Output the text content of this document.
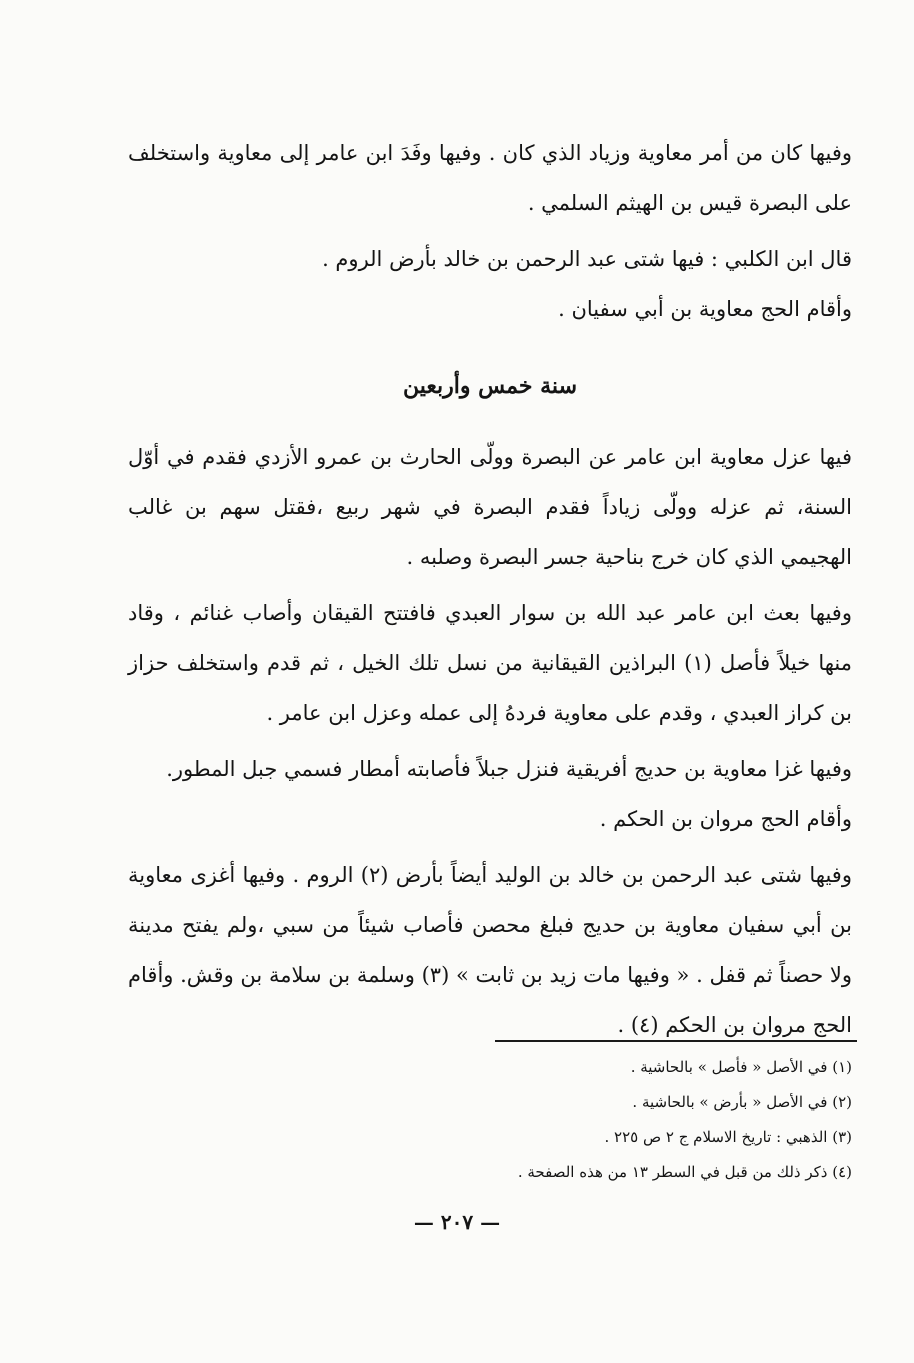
وفيها كان من أمر معاوية وزياد الذي كان . وفيها وفَدَ ابن عامر إلى معاوية واستخلف على البصرة قيس بن الهيثم السلمي .

قال ابن الكلبي : فيها شتى عبد الرحمن بن خالد بأرض الروم .

وأقام الحج معاوية بن أبي سفيان .

سنة خمس وأربعين

فيها عزل معاوية ابن عامر عن البصرة وولّى الحارث بن عمرو الأزدي فقدم في أوّل السنة، ثم عزله وولّى زياداً فقدم البصرة في شهر ربيع ،فقتل سهم بن غالب الهجيمي الذي كان خرج بناحية جسر البصرة وصلبه .

وفيها بعث ابن عامر عبد الله بن سوار العبدي فافتتح القيقان وأصاب غنائم ، وقاد منها خيلاً فأصل (١) البراذين القيقانية من نسل تلك الخيل ، ثم قدم واستخلف حزاز بن كراز العبدي ، وقدم على معاوية فردهُ إلى عمله وعزل ابن عامر .

وفيها غزا معاوية بن حديج أفريقية فنزل جبلاً فأصابته أمطار فسمي جبل المطور.

وأقام الحج مروان بن الحكم .

وفيها شتى عبد الرحمن بن خالد بن الوليد أيضاً بأرض (٢) الروم . وفيها أغزى معاوية بن أبي سفيان معاوية بن حديج فبلغ محصن فأصاب شيئاً من سبي ،ولم يفتح مدينة ولا حصناً ثم قفل . « وفيها مات زيد بن ثابت » (٣) وسلمة بن سلامة بن وقش. وأقام الحج مروان بن الحكم (٤) .

(١) في الأصل « فأصل » بالحاشية .

(٢) في الأصل « بأرض » بالحاشية .

(٣) الذهبي : تاريخ الاسلام ج ٢ ص ٢٢٥ .

(٤) ذكر ذلك من قبل في السطر ١٣ من هذه الصفحة .

— ٢٠٧ —
